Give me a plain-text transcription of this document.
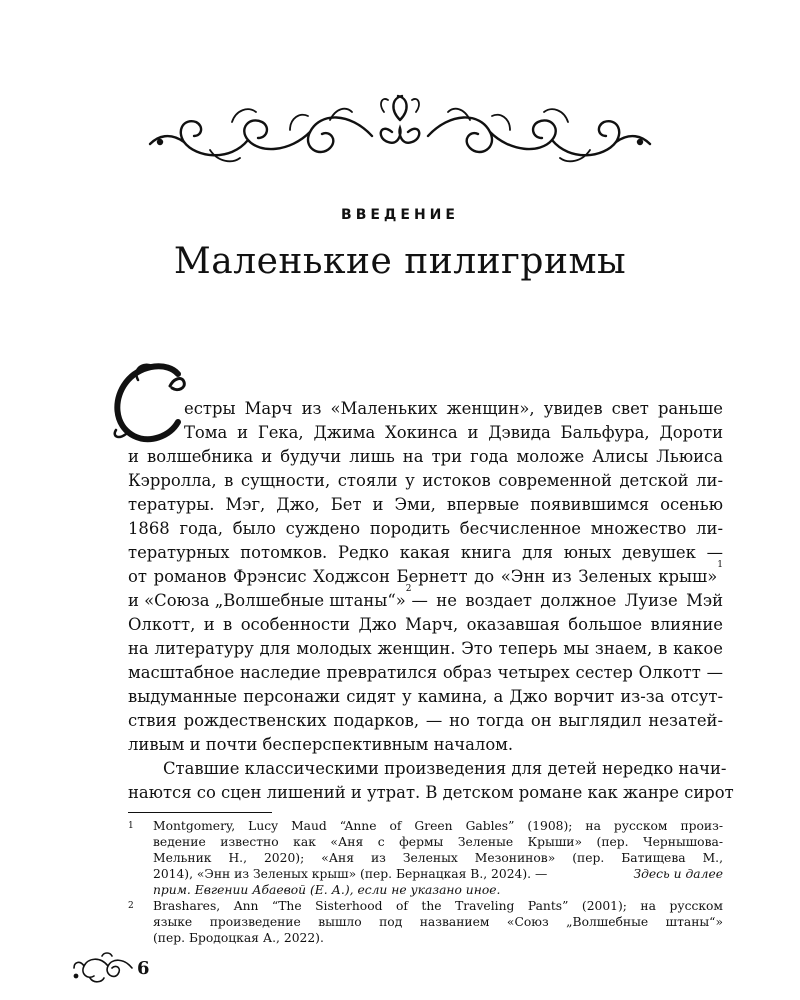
ВВЕДЕНИЕ
Маленькие пилигримы
естры Марч из «Маленьких женщин», увидев свет раньше
Тома и Гека, Джима Хокинса и Дэвида Бальфура, Дороти
и волшебника и будучи лишь на три года моложе Алисы Льюиса
Кэрролла, в сущности, стояли у истоков современной детской ли-
тературы. Мэг, Джо, Бет и Эми, впервые появившимся осенью
1868 года, было суждено породить бесчисленное множество ли-
тературных потомков. Редко какая книга для юных девушек —
от романов Фрэнсис Ходжсон Бернетт до «Энн из Зеленых крыш»
1
и «Союза „Волшебные штаны“»
2
— не воздает должное Луизе Мэй
Олкотт, и в особенности Джо Марч, оказавшая большое влияние
на литературу для молодых женщин. Это теперь мы знаем, в какое
масштабное наследие превратился образ четырех сестер Олкотт —
выдуманные персонажи сидят у камина, а Джо ворчит из-за отсут-
ствия рождественских подарков, — но тогда он выглядил незатей-
ливым и почти бесперспективным началом.
Ставшие классическими произведения для детей нередко начи-
наются со сцен лишений и утрат. В детском романе как жанре сирот
1 Montgomery, Lucy Maud “Anne of Green Gables” (1908); на русском произ-
ведение известно как «Аня с фермы Зеленые Крыши» (пер. Чернышова-
Мельник Н., 2020); «Аня из Зеленых Мезонинов» (пер. Батищева М.,
2014), «Энн из Зеленых крыш» (пер. Бернацкая В., 2024). —	Здесь и далее
прим. Евгении Абаевой (Е. А.), если не указано иное.
2 Brashares, Ann “The Sisterhood of the Traveling Pants” (2001); на русском
языке произведение вышло под названием «Союз „Волшебные штаны“»
(пер. Бродоцкая А., 2022).
6
